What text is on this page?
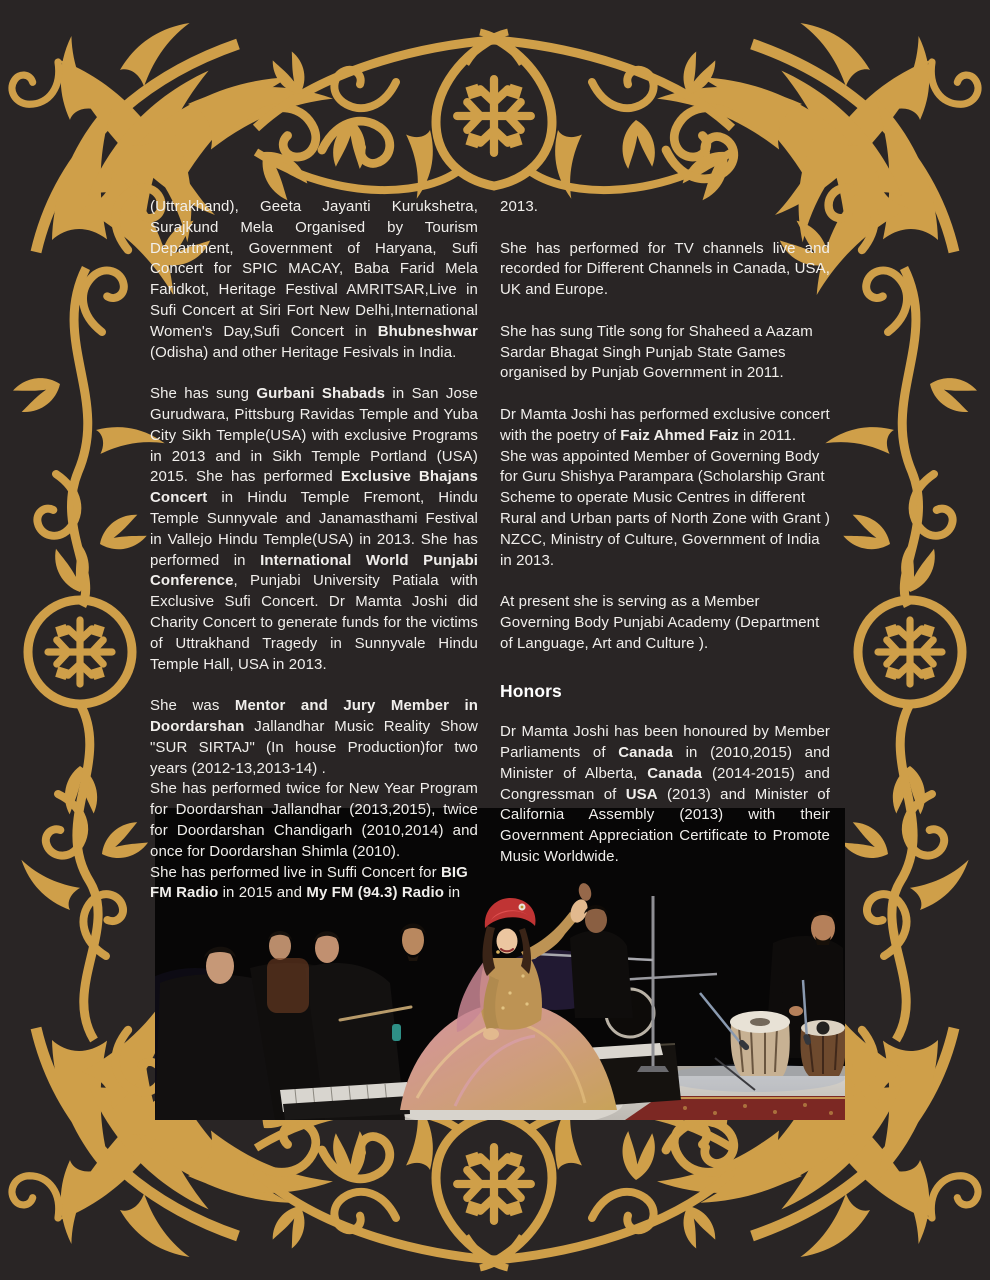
(Uttrakhand), Geeta Jayanti Kurukshetra, Surajkund Mela Organised by Tourism Department, Government of Haryana, Sufi Concert for SPIC MACAY, Baba Farid Mela Faridkot, Heritage Festival AMRITSAR,Live in Sufi Concert at Siri Fort New Delhi,International Women's Day,Sufi Concert in Bhubneshwar (Odisha) and other Heritage Fesivals in India.

She has sung Gurbani Shabads in San Jose Gurudwara, Pittsburg Ravidas Temple and Yuba City Sikh Temple(USA) with exclusive Programs in 2013 and in Sikh Temple Portland (USA) 2015. She has performed Exclusive Bhajans Concert in Hindu Temple Fremont, Hindu Temple Sunnyvale and Janamasthami Festival in Vallejo Hindu Temple(USA) in 2013. She has performed in International World Punjabi Conference, Punjabi University Patiala with Exclusive Sufi Concert. Dr Mamta Joshi did Charity Concert to generate funds for the victims of Uttrakhand Tragedy in Sunnyvale Hindu Temple Hall, USA in 2013.

She was Mentor and Jury Member in Doordarshan Jallandhar Music Reality Show "SUR SIRTAJ" (In house Production)for two years (2012-13,2013-14) .

She has performed twice for New Year Program for Doordarshan Jallandhar (2013,2015), twice for Doordarshan Chandigarh (2010,2014) and once for Doordarshan Shimla (2010).

She has performed live in Suffi Concert for BIG FM Radio in 2015 and My FM (94.3) Radio in

2013.

She has performed for TV channels live and recorded for Different Channels in Canada, USA, UK and Europe.

She has sung Title song for Shaheed a Aazam Sardar Bhagat Singh Punjab State Games organised by Punjab Government in 2011.

Dr Mamta Joshi has performed exclusive concert with the poetry of Faiz Ahmed Faiz in 2011.

She was appointed Member of Governing Body for Guru Shishya Parampara (Scholarship Grant Scheme to operate Music Centres in different Rural and Urban parts of North Zone with Grant ) NZCC, Ministry of Culture, Government of India in 2013.

At present she is serving as a Member Governing Body Punjabi Academy (Department of Language, Art and Culture ).

Honors

Dr Mamta Joshi has been honoured by Member Parliaments of Canada in (2010,2015) and Minister of Alberta, Canada (2014-2015) and Congressman of USA (2013) and Minister of California Assembly (2013) with their Government Appreciation Certificate to Promote Music Worldwide.
